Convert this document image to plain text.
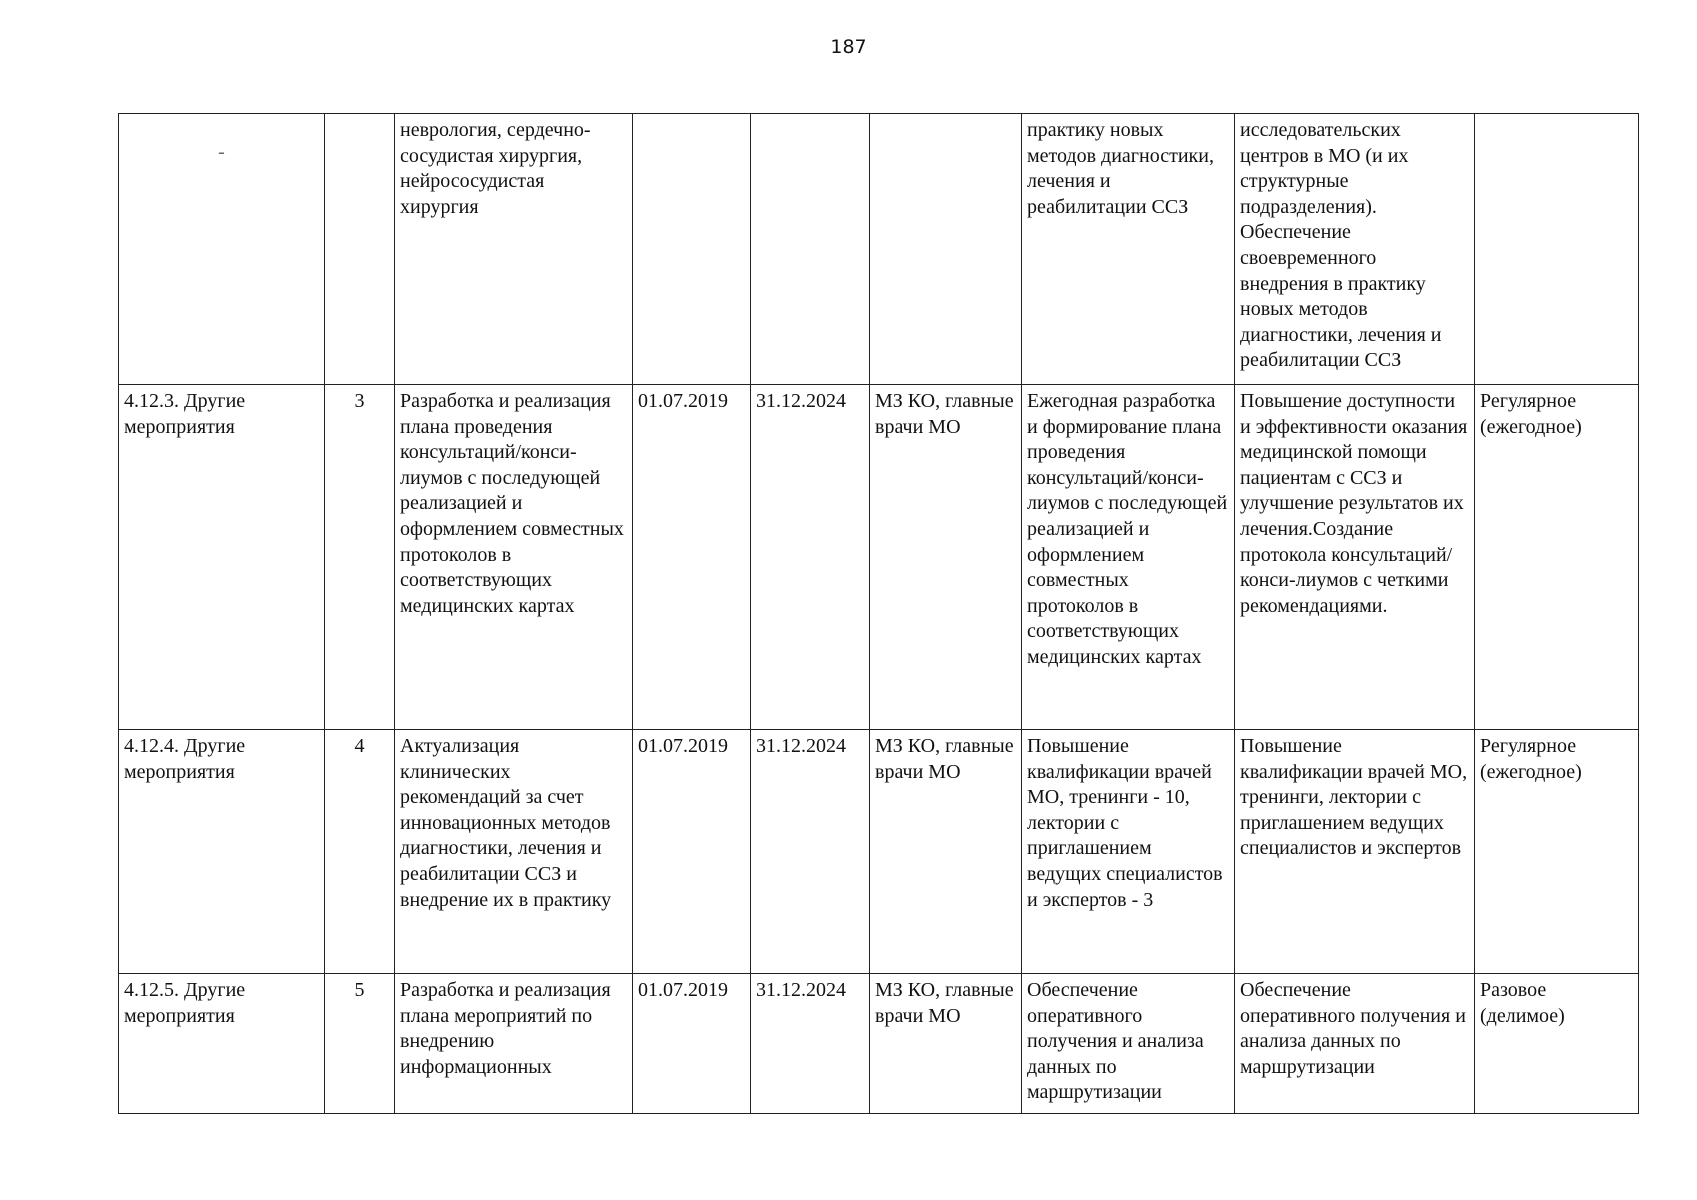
187
-		неврология, сердечно-сосудистая хирургия, нейрососудистая хирургия				практику новых методов диагностики, лечения и реабилитации ССЗ	исследовательских центров в МО (и их структурные подразделения). Обеспечение своевременного внедрения в практику новых методов диагностики, лечения и реабилитации ССЗ	
4.12.3. Другие мероприятия	3	Разработка и реализация плана проведения консультаций/конси-лиумов с последующей реализацией и оформлением совместных протоколов в соответствующих медицинских картах	01.07.2019	31.12.2024	МЗ КО, главные врачи МО	Ежегодная разработка и формирование плана проведения консультаций/конси-лиумов с последующей реализацией и оформлением совместных протоколов в соответствующих медицинских картах	Повышение доступности и эффективности оказания медицинской помощи пациентам с ССЗ и улучшение результатов их лечения.Создание протокола консультаций/конси-лиумов с четкими рекомендациями.	Регулярное (ежегодное)
4.12.4. Другие мероприятия	4	Актуализация клинических рекомендаций за счет инновационных методов диагностики, лечения и реабилитации ССЗ и внедрение их в практику	01.07.2019	31.12.2024	МЗ КО, главные врачи МО	Повышение квалификации врачей МО, тренинги - 10, лектории с приглашением ведущих специалистов и экспертов - 3	Повышение квалификации врачей МО, тренинги, лектории с приглашением ведущих специалистов и экспертов	Регулярное (ежегодное)
4.12.5. Другие мероприятия	5	Разработка и реализация плана мероприятий по внедрению информационных	01.07.2019	31.12.2024	МЗ КО, главные врачи МО	Обеспечение оперативного получения и анализа данных по маршрутизации	Обеспечение оперативного получения и анализа данных по маршрутизации	Разовое (делимое)
